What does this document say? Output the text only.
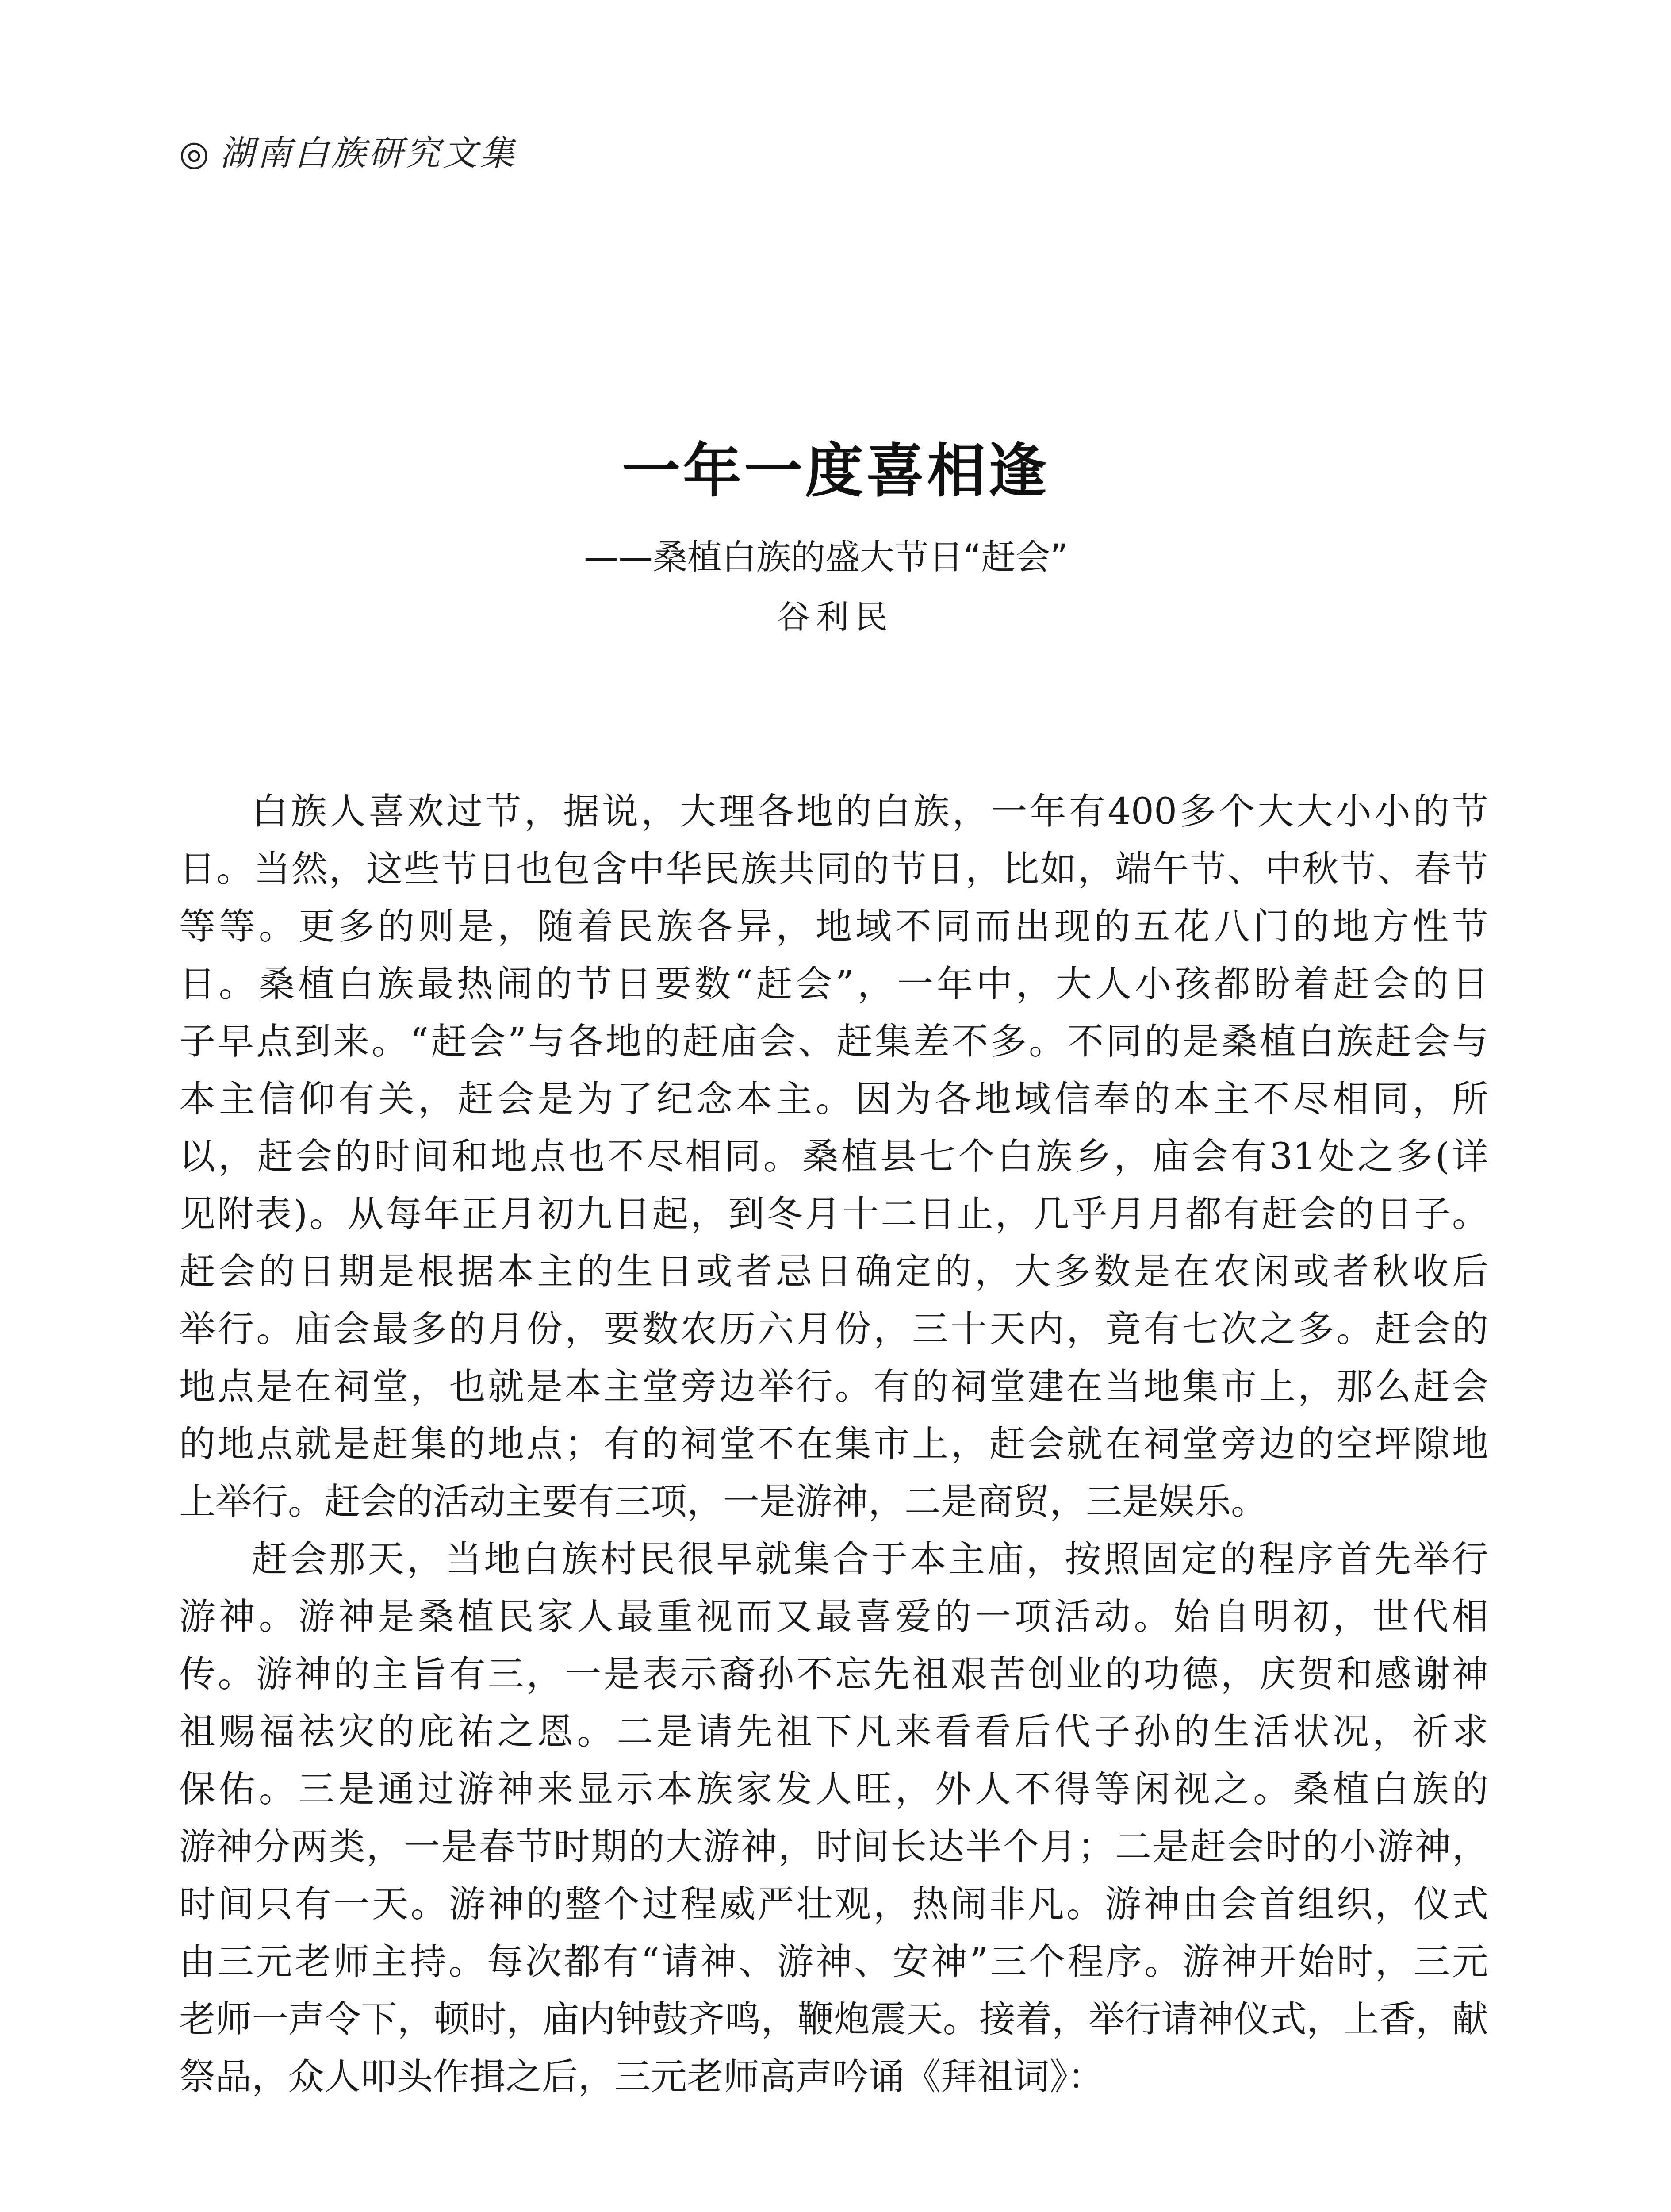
◎ 湖南白族研究文集
一年一度喜相逢
——桑植白族的盛大节日“赶会”
谷利民
白族人喜欢过节，据说，大理各地的白族，一年有400多个大大小小的节
日。当然，这些节日也包含中华民族共同的节日，比如，端午节、中秋节、春节
等等。更多的则是，随着民族各异，地域不同而出现的五花八门的地方性节
日。桑植白族最热闹的节日要数“赶会”，一年中，大人小孩都盼着赶会的日
子早点到来。“赶会”与各地的赶庙会、赶集差不多。不同的是桑植白族赶会与
本主信仰有关，赶会是为了纪念本主。因为各地域信奉的本主不尽相同，所
以，赶会的时间和地点也不尽相同。桑植县七个白族乡，庙会有31处之多(详
见附表)。从每年正月初九日起，到冬月十二日止，几乎月月都有赶会的日子。
赶会的日期是根据本主的生日或者忌日确定的，大多数是在农闲或者秋收后
举行。庙会最多的月份，要数农历六月份，三十天内，竟有七次之多。赶会的
地点是在祠堂，也就是本主堂旁边举行。有的祠堂建在当地集市上，那么赶会
的地点就是赶集的地点；有的祠堂不在集市上，赶会就在祠堂旁边的空坪隙地
上举行。赶会的活动主要有三项，一是游神，二是商贸，三是娱乐。
赶会那天，当地白族村民很早就集合于本主庙，按照固定的程序首先举行
游神。游神是桑植民家人最重视而又最喜爱的一项活动。始自明初，世代相
传。游神的主旨有三，一是表示裔孙不忘先祖艰苦创业的功德，庆贺和感谢神
祖赐福祛灾的庇祐之恩。二是请先祖下凡来看看后代子孙的生活状况，祈求
保佑。三是通过游神来显示本族家发人旺，外人不得等闲视之。桑植白族的
游神分两类，一是春节时期的大游神，时间长达半个月；二是赶会时的小游神，
时间只有一天。游神的整个过程威严壮观，热闹非凡。游神由会首组织，仪式
由三元老师主持。每次都有“请神、游神、安神”三个程序。游神开始时，三元
老师一声令下，顿时，庙内钟鼓齐鸣，鞭炮震天。接着，举行请神仪式，上香，献
祭品，众人叩头作揖之后，三元老师高声吟诵《拜祖词》：
